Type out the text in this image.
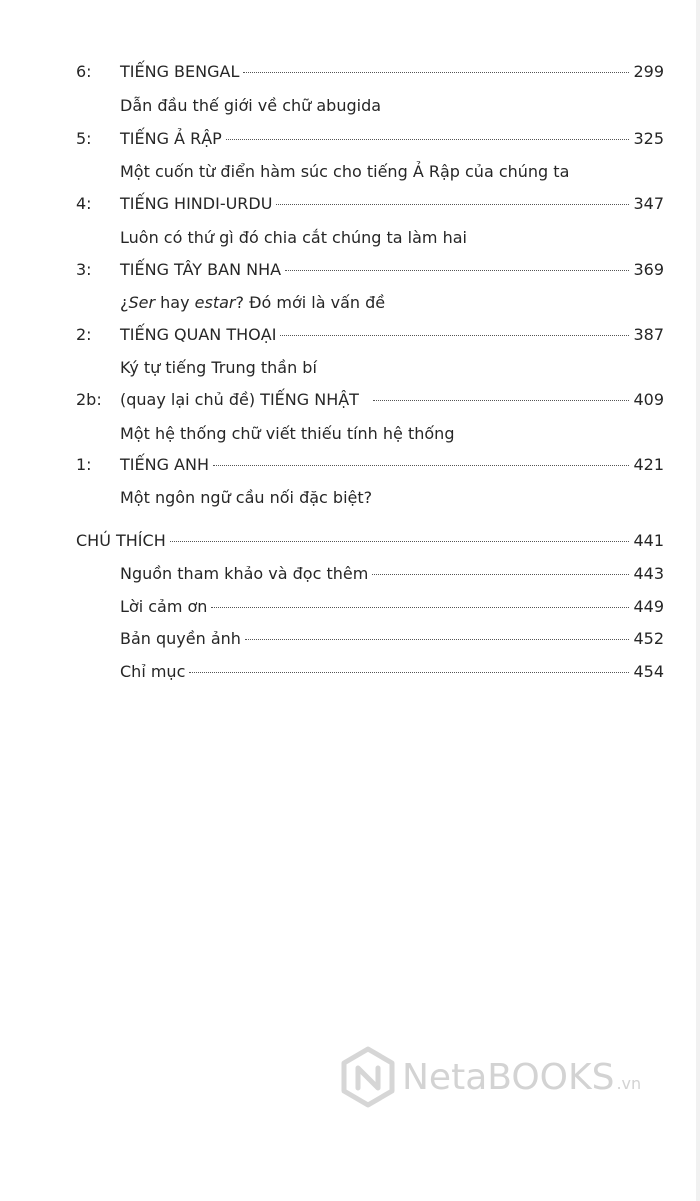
6: TIẾNG BENGAL	299
Dẫn đầu thế giới về chữ abugida
5: TIẾNG Ả RẬP	325
Một cuốn từ điển hàm súc cho tiếng Ả Rập của chúng ta
4: TIẾNG HINDI-URDU	347
Luôn có thứ gì đó chia cắt chúng ta làm hai
3: TIẾNG TÂY BAN NHA	369
¿Ser hay estar? Đó mới là vấn đề
2: TIẾNG QUAN THOẠI	387
Ký tự tiếng Trung thần bí
2b: (quay lại chủ đề) TIẾNG NHẬT	409
Một hệ thống chữ viết thiếu tính hệ thống
1: TIẾNG ANH	421
Một ngôn ngữ cầu nối đặc biệt?
CHÚ THÍCH	441
Nguồn tham khảo và đọc thêm	443
Lời cảm ơn	449
Bản quyền ảnh	452
Chỉ mục	454
NetaBOOKS .vn
